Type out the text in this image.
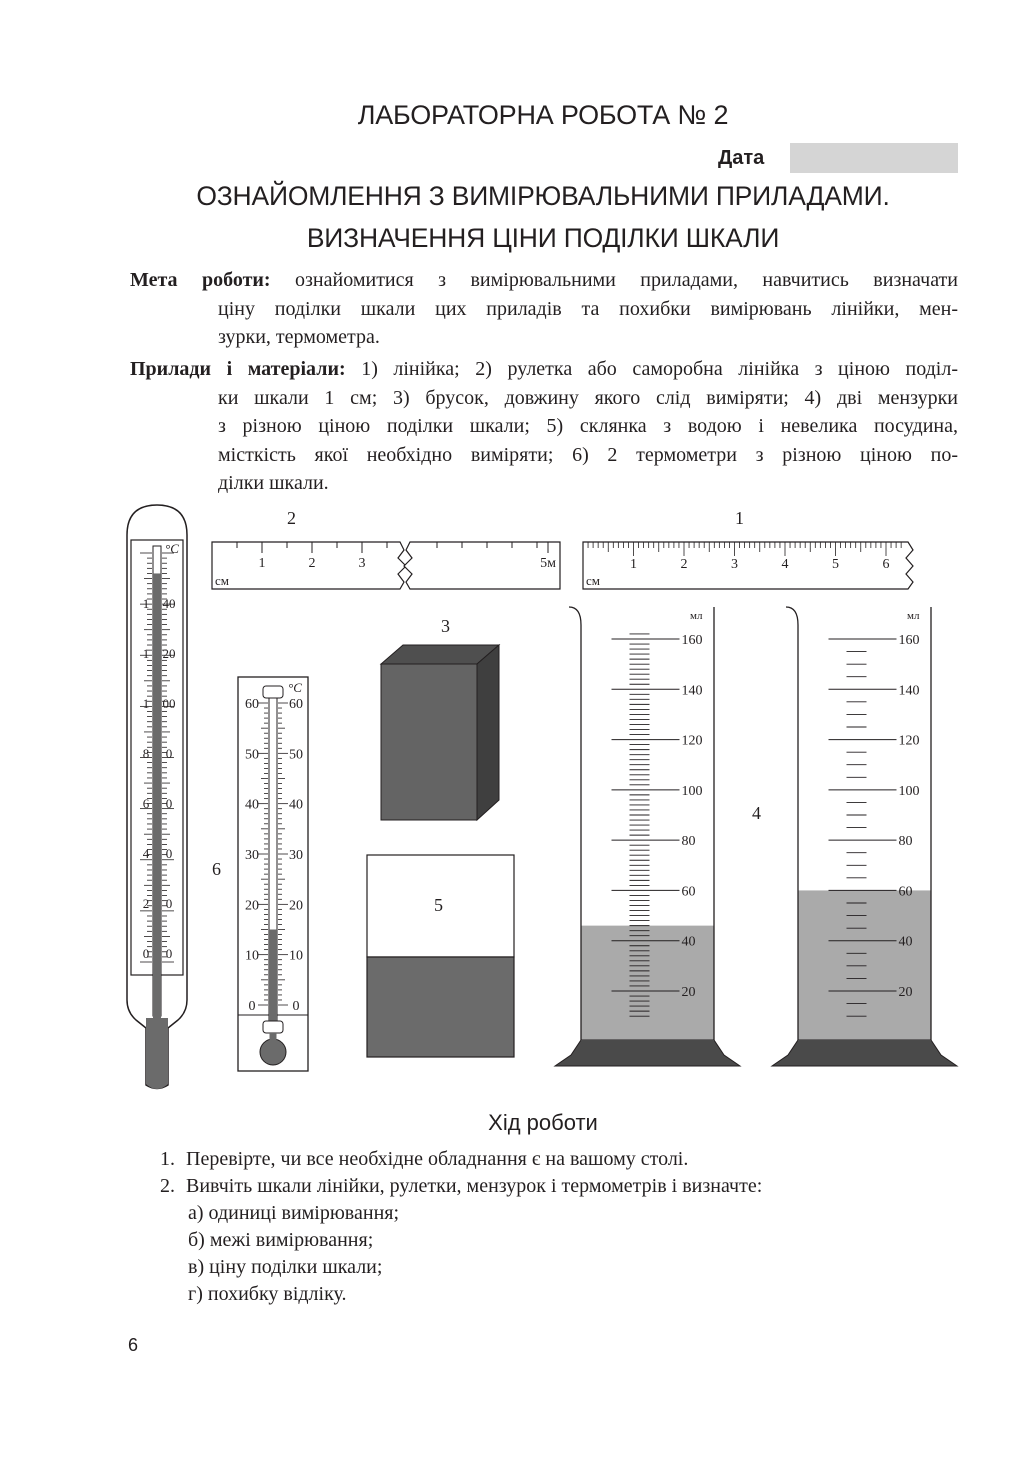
ЛАБОРАТОРНА РОБОТА № 2
Дата
ОЗНАЙОМЛЕННЯ З ВИМІРЮВАЛЬНИМИ ПРИЛАДАМИ.
ВИЗНАЧЕННЯ ЦІНИ ПОДІЛКИ ШКАЛИ
Мета роботи: ознайомитися з вимірювальними приладами, навчитись визначати
ціну поділки шкали цих приладів та похибки вимірювань лінійки, мен-
зурки, термометра.
Прилади і матеріали: 1) лінійка; 2) рулетка або саморобна лінійка з ціною поділ-
ки шкали 1 см; 3) брусок, довжину якого слід виміряти; 4) дві мензурки
з різною ціною поділки шкали; 5) склянка з водою і невелика посудина,
місткість якої необхідно виміряти; 6) 2 термометри з різною ціною по-
ділки шкали.
°C
1
1
1
8
6
4
2
0
40
20
00
0
0
0
0
0
°C
60 60
50 50
40 40
30 30
20 20
10 10
0	0
6
2
см
1	2	3	5м
1
см
1	2	3	4	5	6
3
5
мл
160
140
120
100
80
60
40
20
мл
160
140
120
100
80
60
40
20
4
Хід роботи
1. Перевірте, чи все необхідне обладнання є на вашому столі.
2. Вивчіть шкали лінійки, рулетки, мензурок і термометрів і визначте:
а) одиниці вимірювання;
б) межі вимірювання;
в) ціну поділки шкали;
г) похибку відліку.
6
